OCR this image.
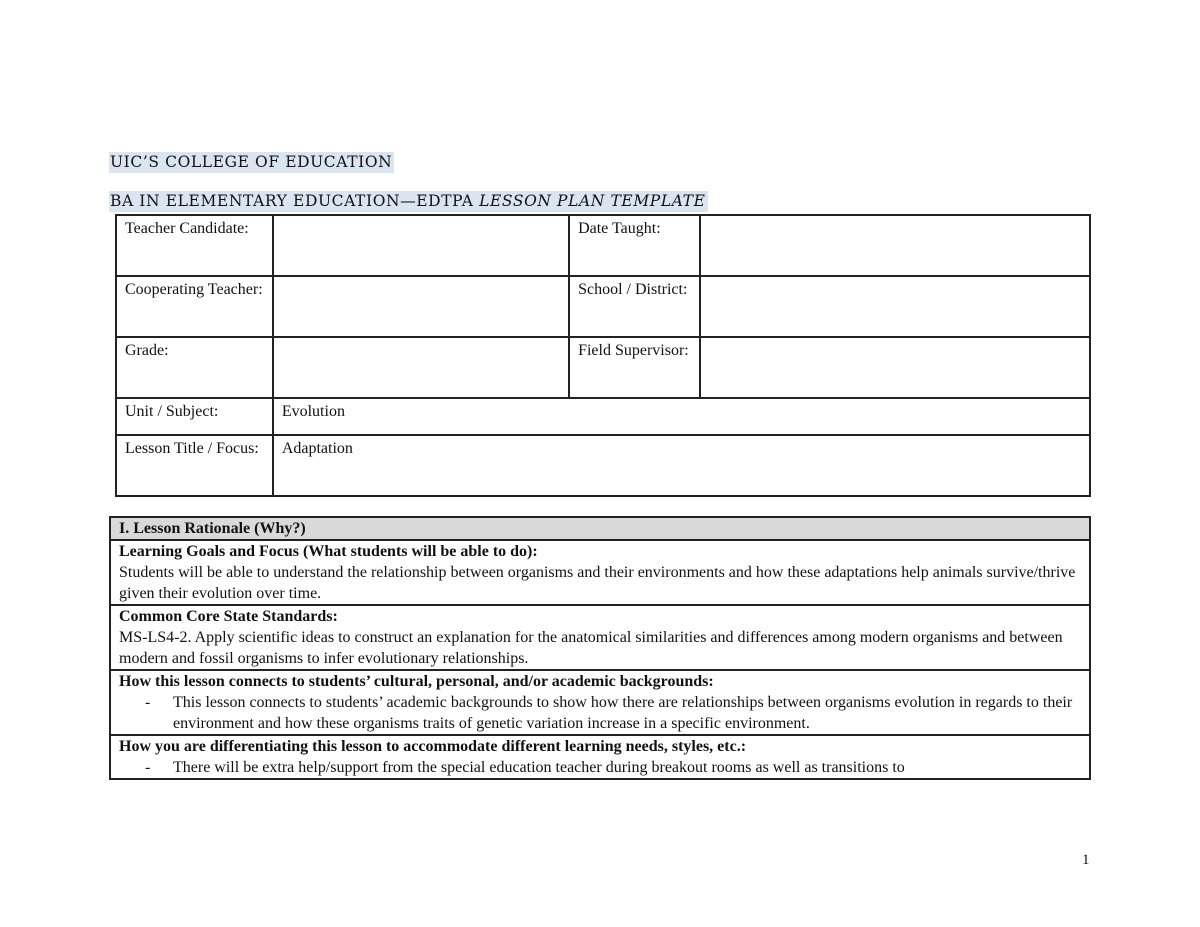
UIC’S COLLEGE OF EDUCATION
BA IN ELEMENTARY EDUCATION—EDTPA LESSON PLAN TEMPLATE
Teacher Candidate:		Date Taught:	
Cooperating Teacher:		School / District:	
Grade:		Field Supervisor:	
Unit / Subject:	Evolution		
Lesson Title / Focus:	Adaptation		
I. Lesson Rationale (Why?)

Learning Goals and Focus (What students will be able to do):
Students will be able to understand the relationship between organisms and their environments and how these adaptations help animals survive/thrive given their evolution over time.

Common Core State Standards:
MS-LS4-2. Apply scientific ideas to construct an explanation for the anatomical similarities and differences among modern organisms and between modern and fossil organisms to infer evolutionary relationships.

How this lesson connects to students’ cultural, personal, and/or academic backgrounds:
-	This lesson connects to students’ academic backgrounds to show how there are relationships between organisms evolution in regards to their environment and how these organisms traits of genetic variation increase in a specific environment.

How you are differentiating this lesson to accommodate different learning needs, styles, etc.:
-	There will be extra help/support from the special education teacher during breakout rooms as well as transitions to
1
